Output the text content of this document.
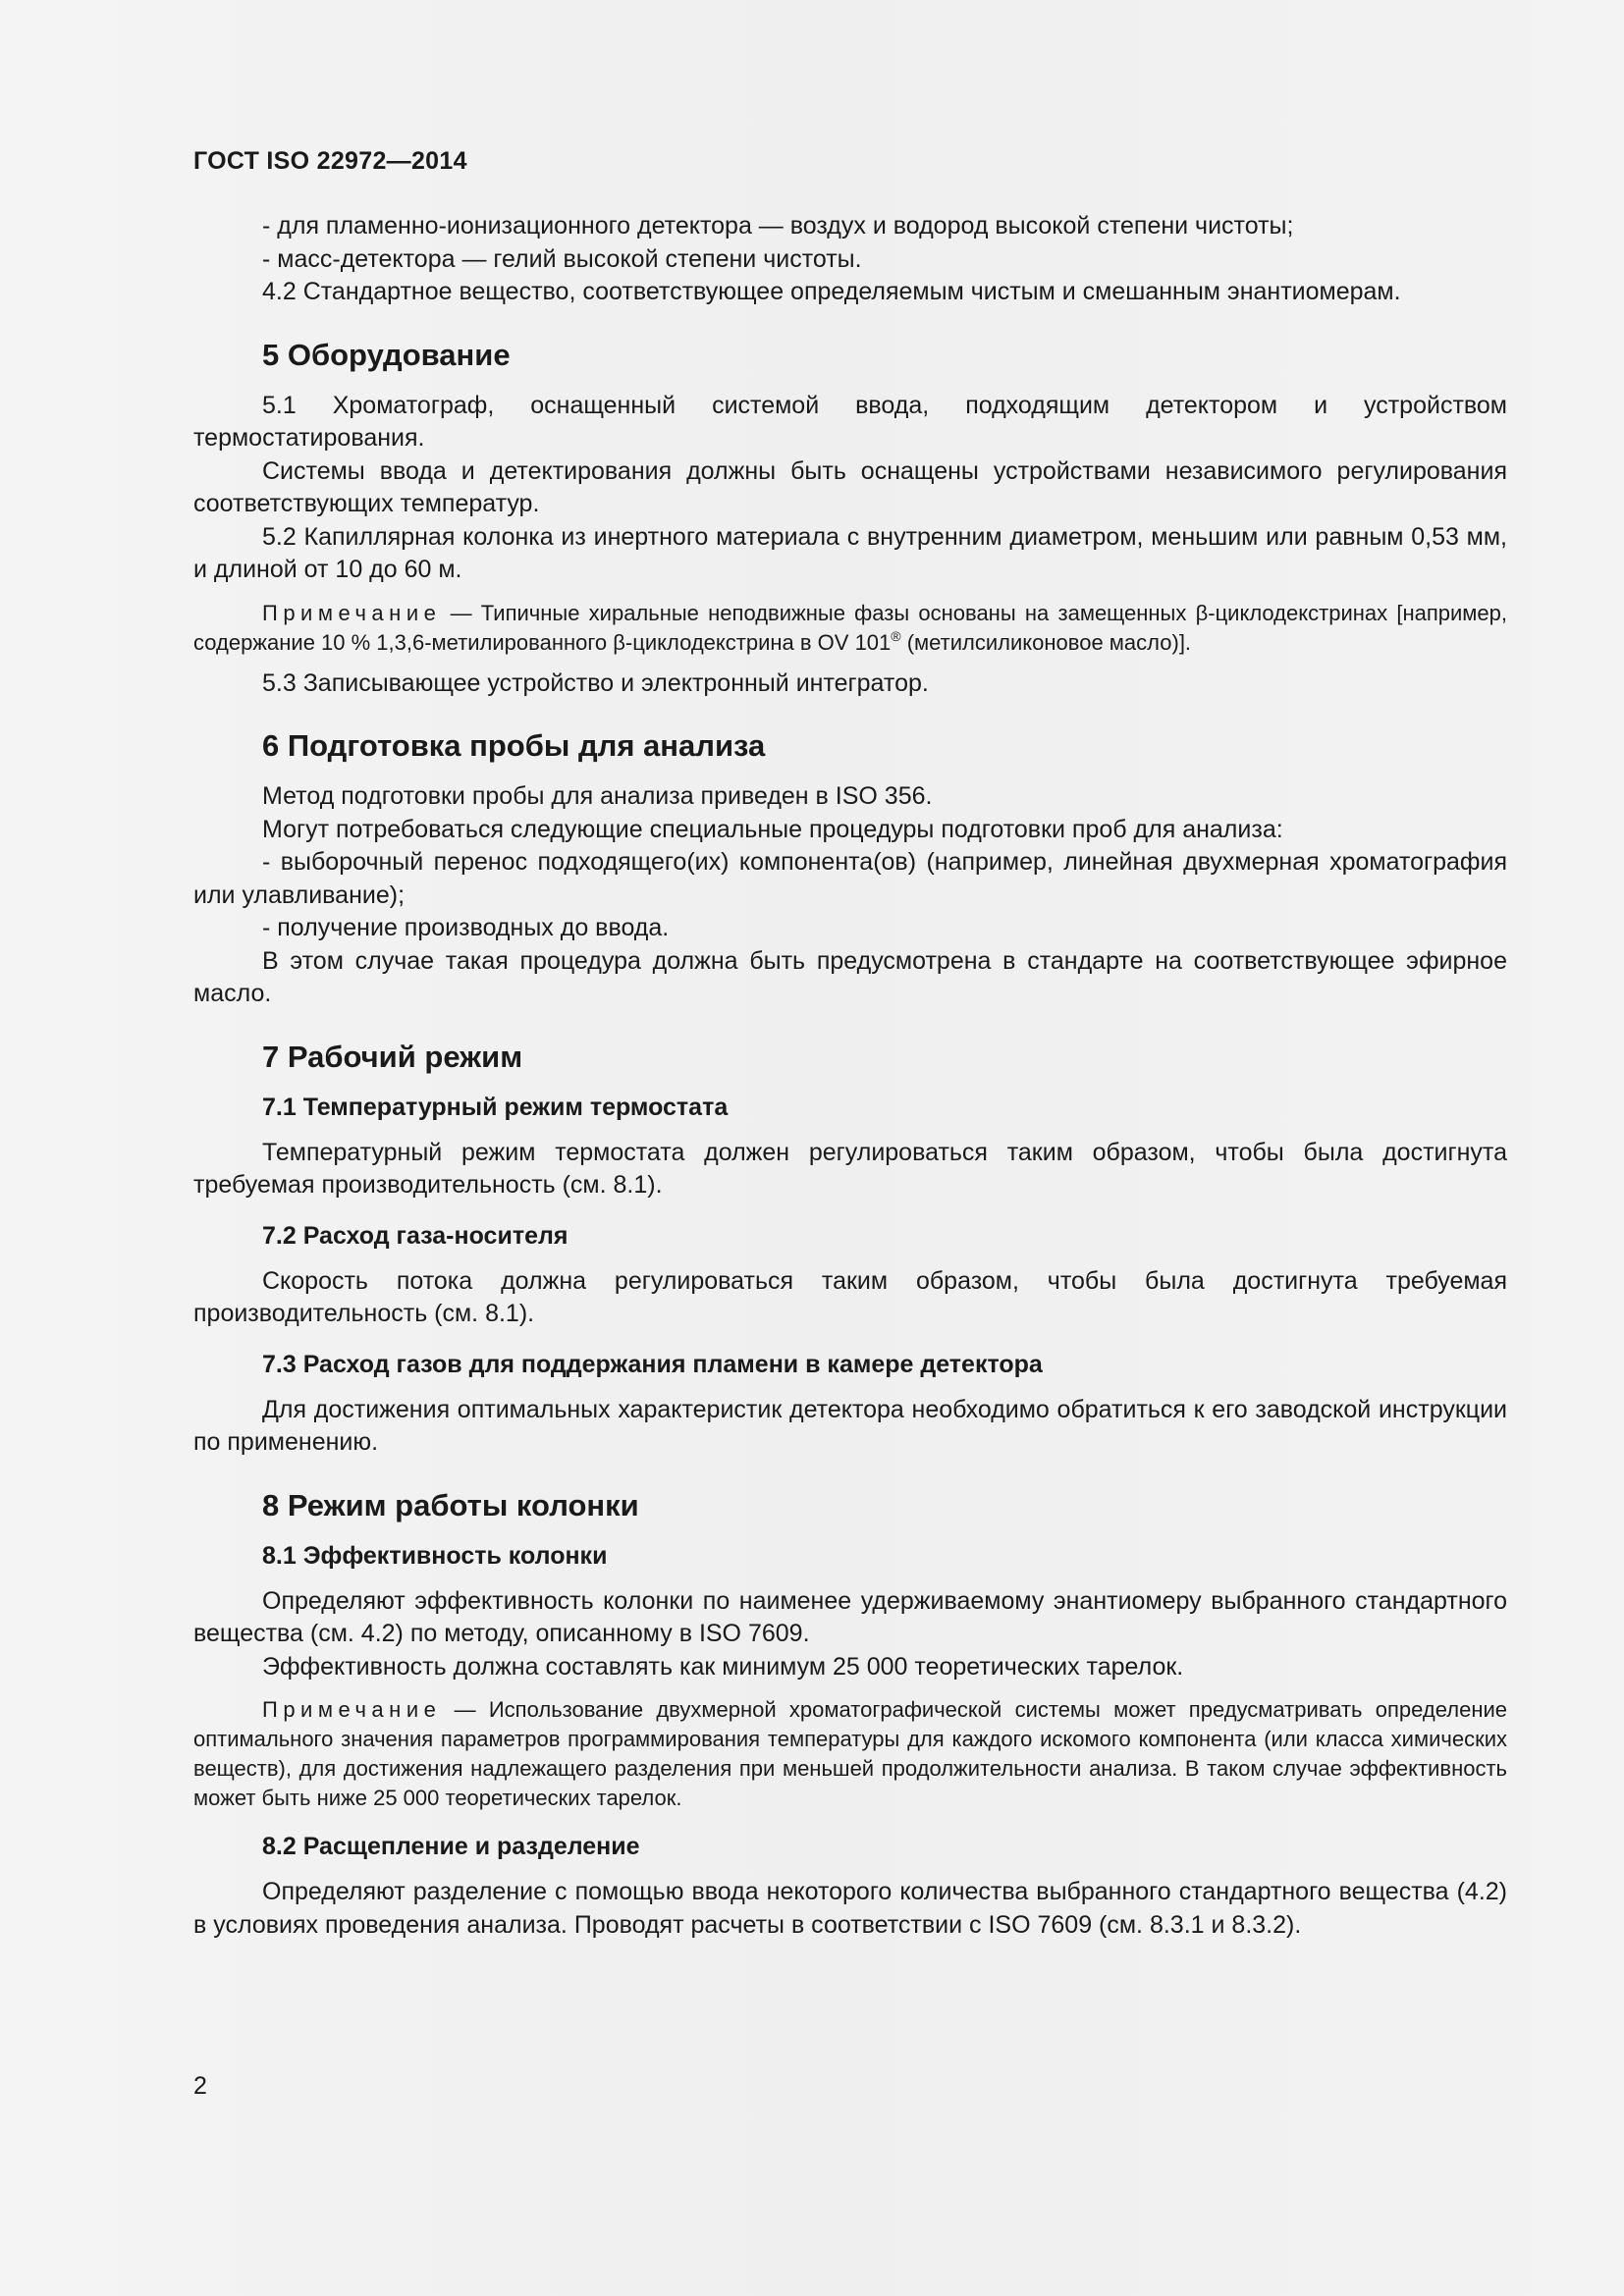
ГОСТ ISO 22972—2014

- для пламенно-ионизационного детектора — воздух и водород высокой степени чистоты;

- масс-детектора — гелий высокой степени чистоты.

4.2 Стандартное вещество, соответствующее определяемым чистым и смешанным энантиомерам.

5 Оборудование

5.1 Хроматограф, оснащенный системой ввода, подходящим детектором и устройством термостатирования.

Системы ввода и детектирования должны быть оснащены устройствами независимого регулирования соответствующих температур.

5.2 Капиллярная колонка из инертного материала с внутренним диаметром, меньшим или равным 0,53 мм, и длиной от 10 до 60 м.

Примечание — Типичные хиральные неподвижные фазы основаны на замещенных β-циклодекстринах [например, содержание 10 % 1,3,6-метилированного β-циклодекстрина в OV 101® (метилсиликоновое масло)].

5.3 Записывающее устройство и электронный интегратор.

6 Подготовка пробы для анализа

Метод подготовки пробы для анализа приведен в ISO 356.

Могут потребоваться следующие специальные процедуры подготовки проб для анализа:

- выборочный перенос подходящего(их) компонента(ов) (например, линейная двухмерная хроматография или улавливание);

- получение производных до ввода.

В этом случае такая процедура должна быть предусмотрена в стандарте на соответствующее эфирное масло.

7 Рабочий режим
7.1 Температурный режим термостата

Температурный режим термостата должен регулироваться таким образом, чтобы была достигнута требуемая производительность (см. 8.1).

7.2 Расход газа-носителя

Скорость потока должна регулироваться таким образом, чтобы была достигнута требуемая производительность (см. 8.1).

7.3 Расход газов для поддержания пламени в камере детектора

Для достижения оптимальных характеристик детектора необходимо обратиться к его заводской инструкции по применению.

8 Режим работы колонки
8.1 Эффективность колонки

Определяют эффективность колонки по наименее удерживаемому энантиомеру выбранного стандартного вещества (см. 4.2) по методу, описанному в ISO 7609.

Эффективность должна составлять как минимум 25 000 теоретических тарелок.

Примечание — Использование двухмерной хроматографической системы может предусматривать определение оптимального значения параметров программирования температуры для каждого искомого компонента (или класса химических веществ), для достижения надлежащего разделения при меньшей продолжительности анализа. В таком случае эффективность может быть ниже 25 000 теоретических тарелок.
8.2 Расщепление и разделение

Определяют разделение с помощью ввода некоторого количества выбранного стандартного вещества (4.2) в условиях проведения анализа. Проводят расчеты в соответствии с ISO 7609 (см. 8.3.1 и 8.3.2).

2
